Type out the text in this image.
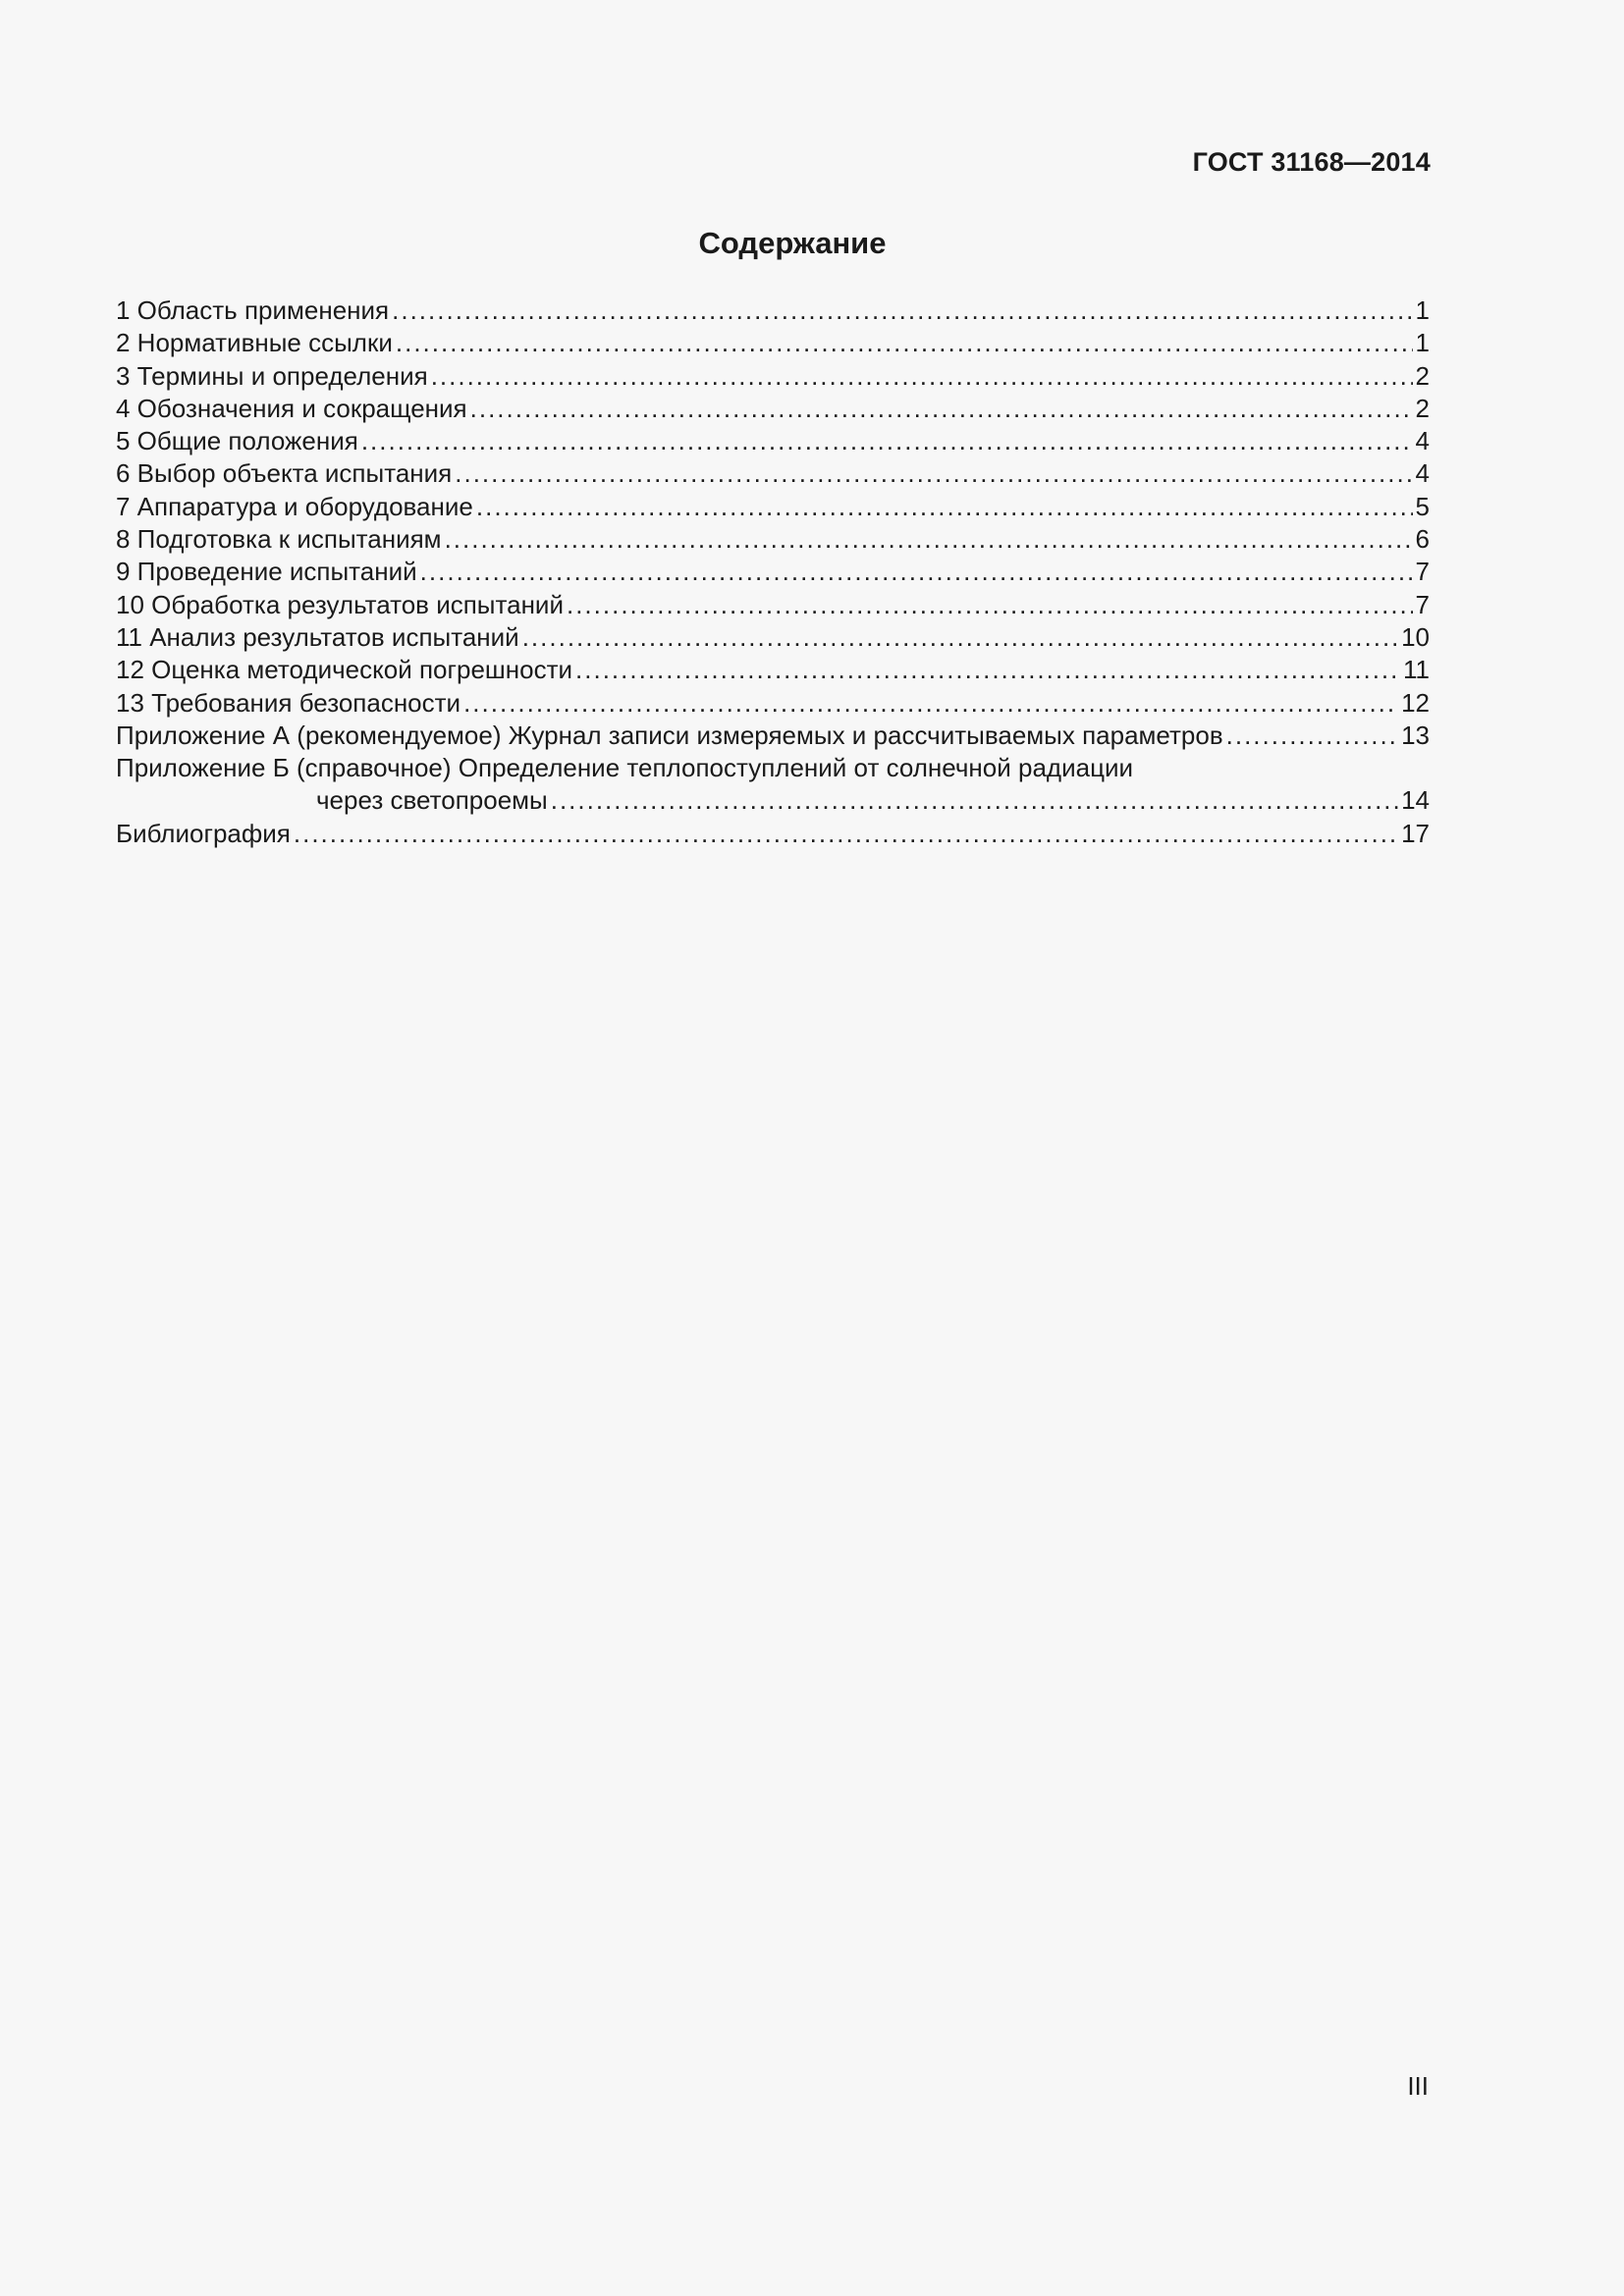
ГОСТ 31168—2014
Содержание
1 Область применения .....	1
2 Нормативные ссылки .....	1
3 Термины и определения .....	2
4 Обозначения и сокращения .....	2
5 Общие положения .....	4
6 Выбор объекта испытания .....	4
7 Аппаратура и оборудование .....	5
8 Подготовка к испытаниям .....	6
9 Проведение испытаний .....	7
10 Обработка результатов испытаний .....	7
11 Анализ результатов испытаний .....	10
12 Оценка методической погрешности .....	11
13 Требования безопасности .....	12
Приложение А (рекомендуемое) Журнал записи измеряемых и рассчитываемых параметров .....	13
Приложение Б (справочное) Определение теплопоступлений от солнечной радиации
через светопроемы .....	14
Библиография .....	17
III
